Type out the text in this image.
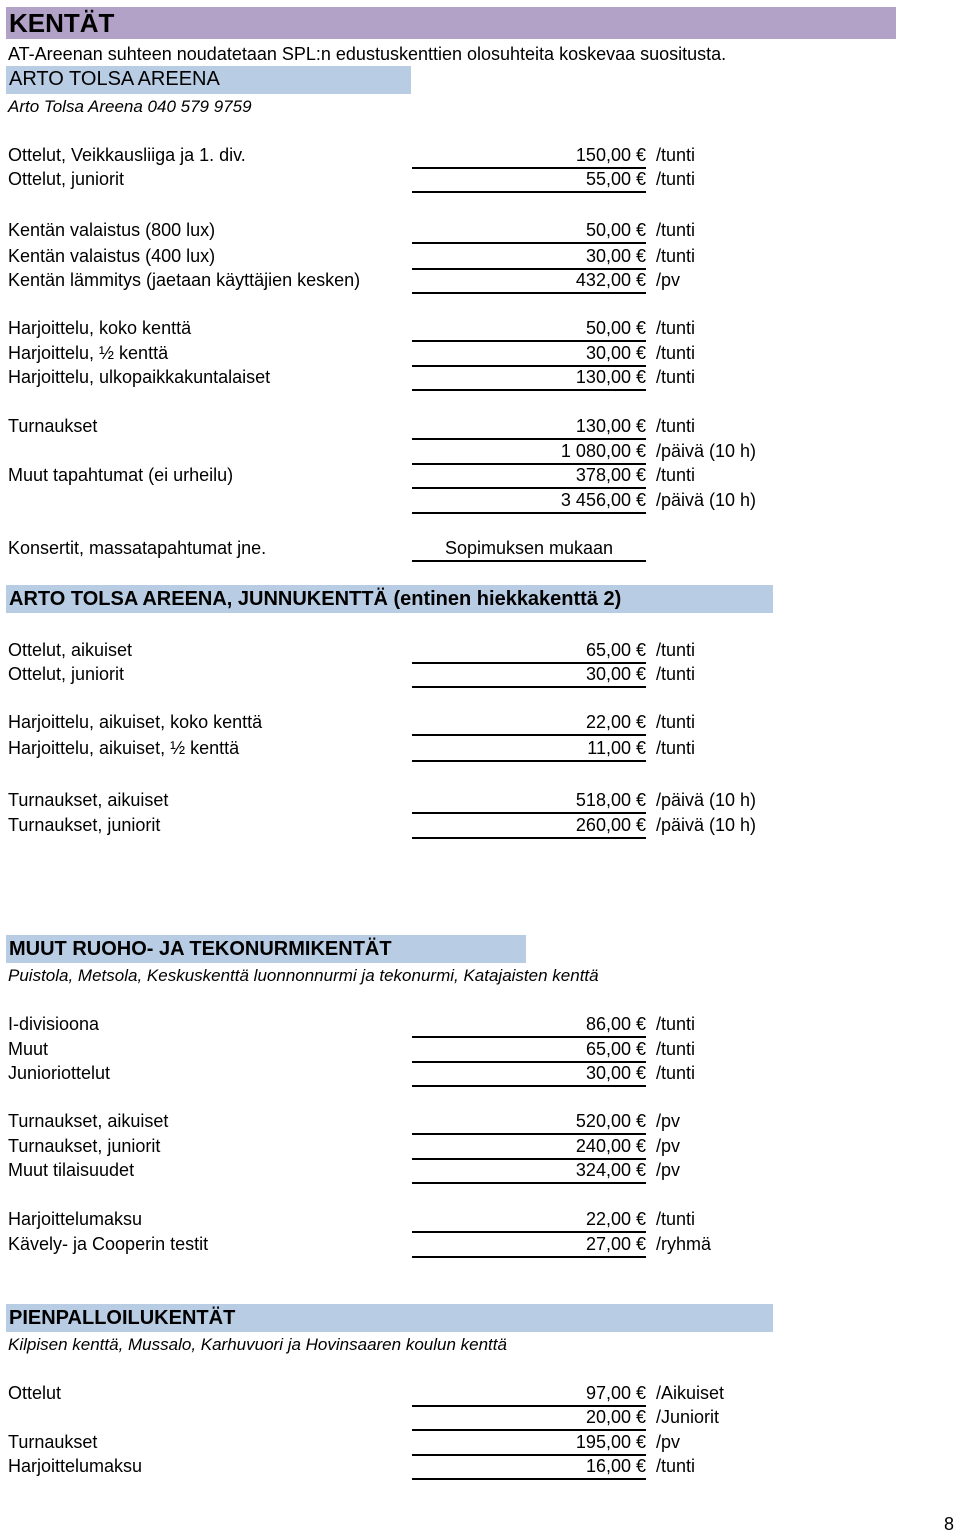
KENTÄT
AT-Areenan suhteen noudatetaan SPL:n edustuskenttien olosuhteita koskevaa suositusta.
ARTO TOLSA AREENA
Arto Tolsa Areena 040 579 9759
Ottelut, Veikkausliiga ja 1. div.	150,00 € /tunti
Ottelut, juniorit	55,00 € /tunti
Kentän valaistus (800 lux)	50,00 € /tunti
Kentän valaistus (400 lux)	30,00 € /tunti
Kentän lämmitys (jaetaan käyttäjien kesken)	432,00 € /pv
Harjoittelu, koko kenttä	50,00 € /tunti
Harjoittelu, ½ kenttä	30,00 € /tunti
Harjoittelu, ulkopaikkakuntalaiset	130,00 € /tunti
Turnaukset	130,00 € /tunti
1 080,00 € /päivä (10 h)
Muut tapahtumat (ei urheilu)	378,00 € /tunti
3 456,00 € /päivä (10 h)
Konsertit, massatapahtumat jne.	Sopimuksen mukaan
ARTO TOLSA AREENA, JUNNUKENTTÄ (entinen hiekkakenttä 2)
Ottelut, aikuiset	65,00 € /tunti
Ottelut, juniorit	30,00 € /tunti
Harjoittelu, aikuiset, koko kenttä	22,00 € /tunti
Harjoittelu, aikuiset, ½ kenttä	11,00 € /tunti
Turnaukset, aikuiset	518,00 € /päivä (10 h)
Turnaukset, juniorit	260,00 € /päivä (10 h)
MUUT RUOHO- JA TEKONURMIKENTÄT
Puistola, Metsola, Keskuskenttä luonnonnurmi ja tekonurmi, Katajaisten kenttä
I-divisioona	86,00 € /tunti
Muut	65,00 € /tunti
Junioriottelut	30,00 € /tunti
Turnaukset, aikuiset	520,00 € /pv
Turnaukset, juniorit	240,00 € /pv
Muut tilaisuudet	324,00 € /pv
Harjoittelumaksu	22,00 € /tunti
Kävely- ja Cooperin testit	27,00 € /ryhmä
PIENPALLOILUKENTÄT
Kilpisen kenttä, Mussalo, Karhuvuori ja Hovinsaaren koulun kenttä
Ottelut	97,00 € /Aikuiset
20,00 € /Juniorit
Turnaukset	195,00 € /pv
Harjoittelumaksu	16,00 € /tunti
8
